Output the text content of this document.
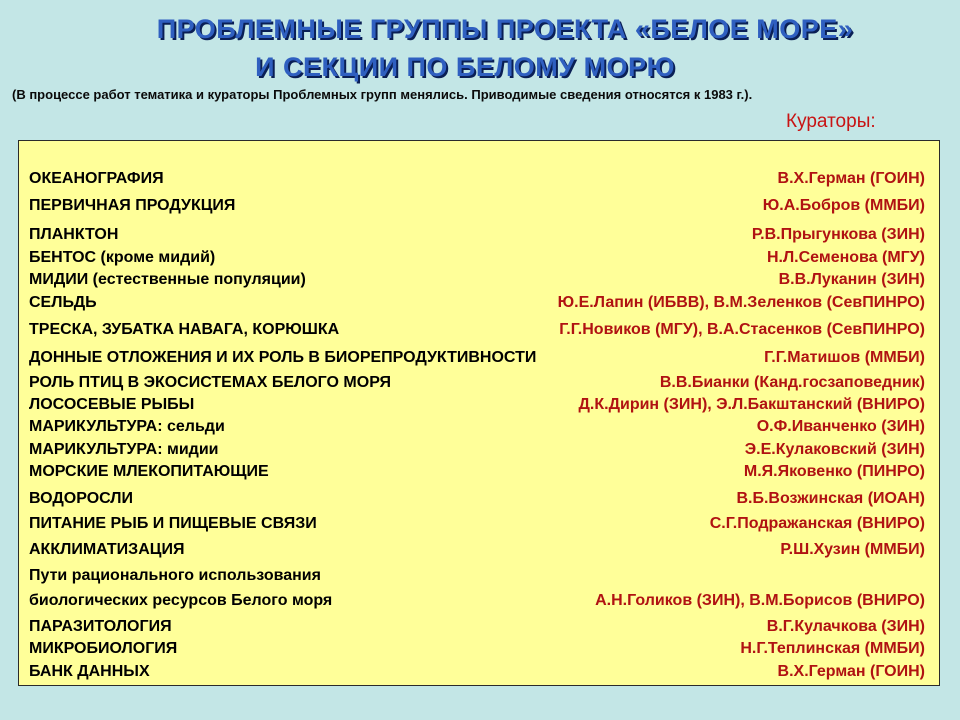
ПРОБЛЕМНЫЕ ГРУППЫ ПРОЕКТА «БЕЛОЕ МОРЕ»
И СЕКЦИИ ПО БЕЛОМУ МОРЮ
(В процессе работ тематика и кураторы Проблемных групп менялись. Приводимые сведения относятся к 1983 г.).
Кураторы:
ОКЕАНОГРАФИЯ	В.Х.Герман (ГОИН)
ПЕРВИЧНАЯ ПРОДУКЦИЯ	Ю.А.Бобров (ММБИ)
ПЛАНКТОН	Р.В.Прыгункова (ЗИН)
БЕНТОС (кроме мидий)	Н.Л.Семенова (МГУ)
МИДИИ (естественные популяции)	В.В.Луканин (ЗИН)
СЕЛЬДЬ	Ю.Е.Лапин (ИБВВ), В.М.Зеленков (СевПИНРО)
ТРЕСКА, ЗУБАТКА НАВАГА, КОРЮШКА	Г.Г.Новиков (МГУ), В.А.Стасенков (СевПИНРО)
ДОННЫЕ ОТЛОЖЕНИЯ И ИХ РОЛЬ В БИОРЕПРОДУКТИВНОСТИ	Г.Г.Матишов (ММБИ)
РОЛЬ ПТИЦ В ЭКОСИСТЕМАХ БЕЛОГО МОРЯ	В.В.Бианки (Канд.госзаповедник)
ЛОСОСЕВЫЕ РЫБЫ	Д.К.Дирин (ЗИН), Э.Л.Бакштанский (ВНИРО)
МАРИКУЛЬТУРА: сельди	О.Ф.Иванченко (ЗИН)
МАРИКУЛЬТУРА: мидии	Э.Е.Кулаковский (ЗИН)
МОРСКИЕ МЛЕКОПИТАЮЩИЕ	М.Я.Яковенко (ПИНРО)
ВОДОРОСЛИ	В.Б.Возжинская (ИОАН)
ПИТАНИЕ РЫБ И ПИЩЕВЫЕ СВЯЗИ	С.Г.Подражанская (ВНИРО)
АККЛИМАТИЗАЦИЯ	Р.Ш.Хузин (ММБИ)
Пути рационального использования
биологических ресурсов Белого моря	А.Н.Голиков (ЗИН), В.М.Борисов (ВНИРО)
ПАРАЗИТОЛОГИЯ	В.Г.Кулачкова (ЗИН)
МИКРОБИОЛОГИЯ	Н.Г.Теплинская (ММБИ)
БАНК ДАННЫХ	В.Х.Герман (ГОИН)
